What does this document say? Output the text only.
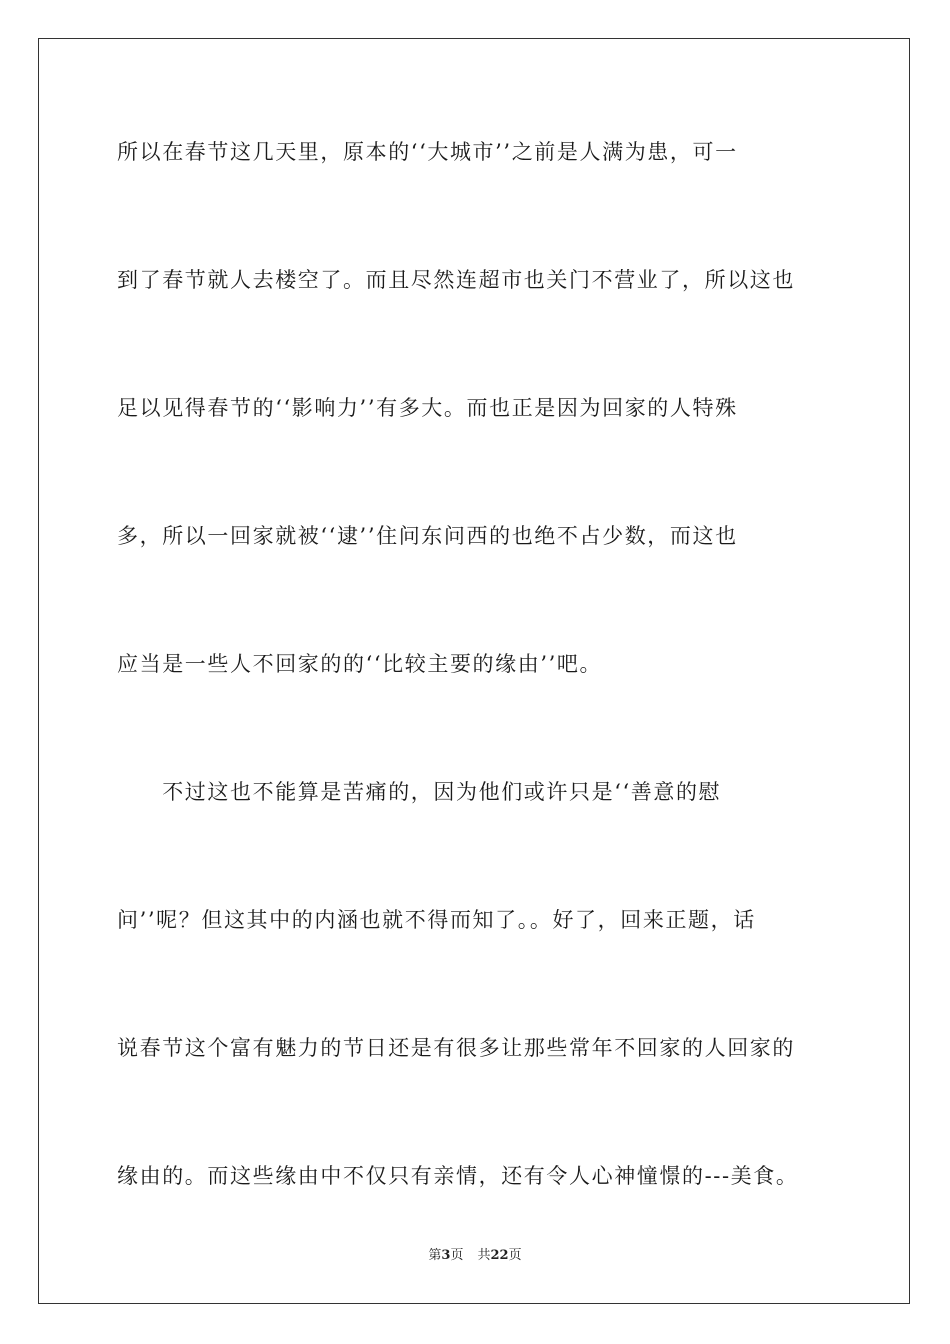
所以在春节这几天里，原本的‘‘大城市’’之前是人满为患，可一
到了春节就人去楼空了。而且尽然连超市也关门不营业了，所以这也
足以见得春节的‘‘影响力’’有多大。而也正是因为回家的人特殊
多，所以一回家就被‘‘逮’’住问东问西的也绝不占少数，而这也
应当是一些人不回家的的‘‘比较主要的缘由’’吧。
　　不过这也不能算是苦痛的，因为他们或许只是‘‘善意的慰
问’’呢？但这其中的内涵也就不得而知了。。好了，回来正题，话
说春节这个富有魅力的节日还是有很多让那些常年不回家的人回家的
缘由的。而这些缘由中不仅只有亲情，还有令人心神憧憬的---美食。
第3页 共22页
